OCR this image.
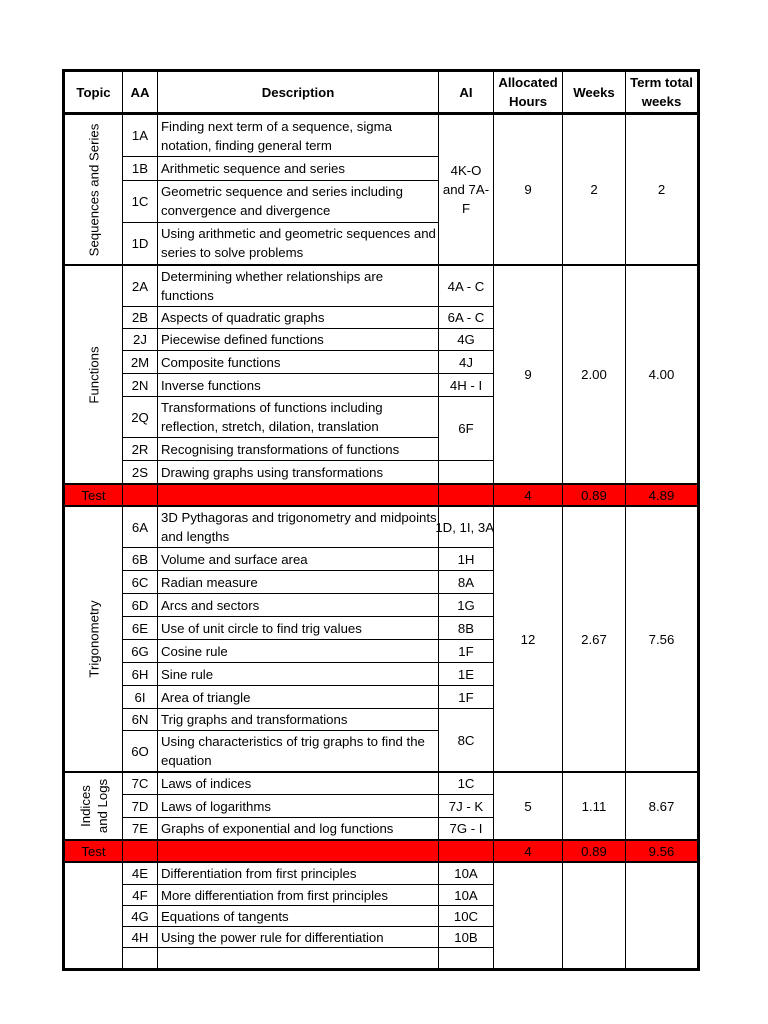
Topic	AA	Description	AI	Allocated Hours	Weeks	Term total weeks

Sequences and Series	1A	Finding next term of a sequence, sigma notation, finding general term	4K-O and 7A-F	9	2	2
	1B	Arithmetic sequence and series				
	1C	Geometric sequence and series including convergence and divergence				
	1D	Using arithmetic and geometric sequences and series to solve problems				

Functions	2A	Determining whether relationships are functions	4A - C	9	2.00	4.00
	2B	Aspects of quadratic graphs	6A - C			
	2J	Piecewise defined functions	4G			
	2M	Composite functions	4J			
	2N	Inverse functions	4H - I			
	2Q	Transformations of functions including reflection, stretch, dilation, translation	6F			
	2R	Recognising transformations of functions				
	2S	Drawing graphs using transformations				
Test				4	0.89	4.89

Trigonometry	6A	3D Pythagoras and trigonometry and midpoints and lengths	1D, 1I, 3A	12	2.67	7.56
	6B	Volume and surface area	1H			
	6C	Radian measure	8A			
	6D	Arcs and sectors	1G			
	6E	Use of unit circle to find trig values	8B			
	6G	Cosine rule	1F			
	6H	Sine rule	1E			
	6I	Area of triangle	1F			
	6N	Trig graphs and transformations	8C			
	6O	Using characteristics of trig graphs to find the equation				

Indices and Logs	7C	Laws of indices	1C	5	1.11	8.67
	7D	Laws of logarithms	7J - K			
	7E	Graphs of exponential and log functions	7G - I			
Test				4	0.89	9.56
	4E	Differentiation from first principles	10A			
	4F	More differentiation from first principles	10A			
	4G	Equations of tangents	10C			
	4H	Using the power rule for differentiation	10B			
